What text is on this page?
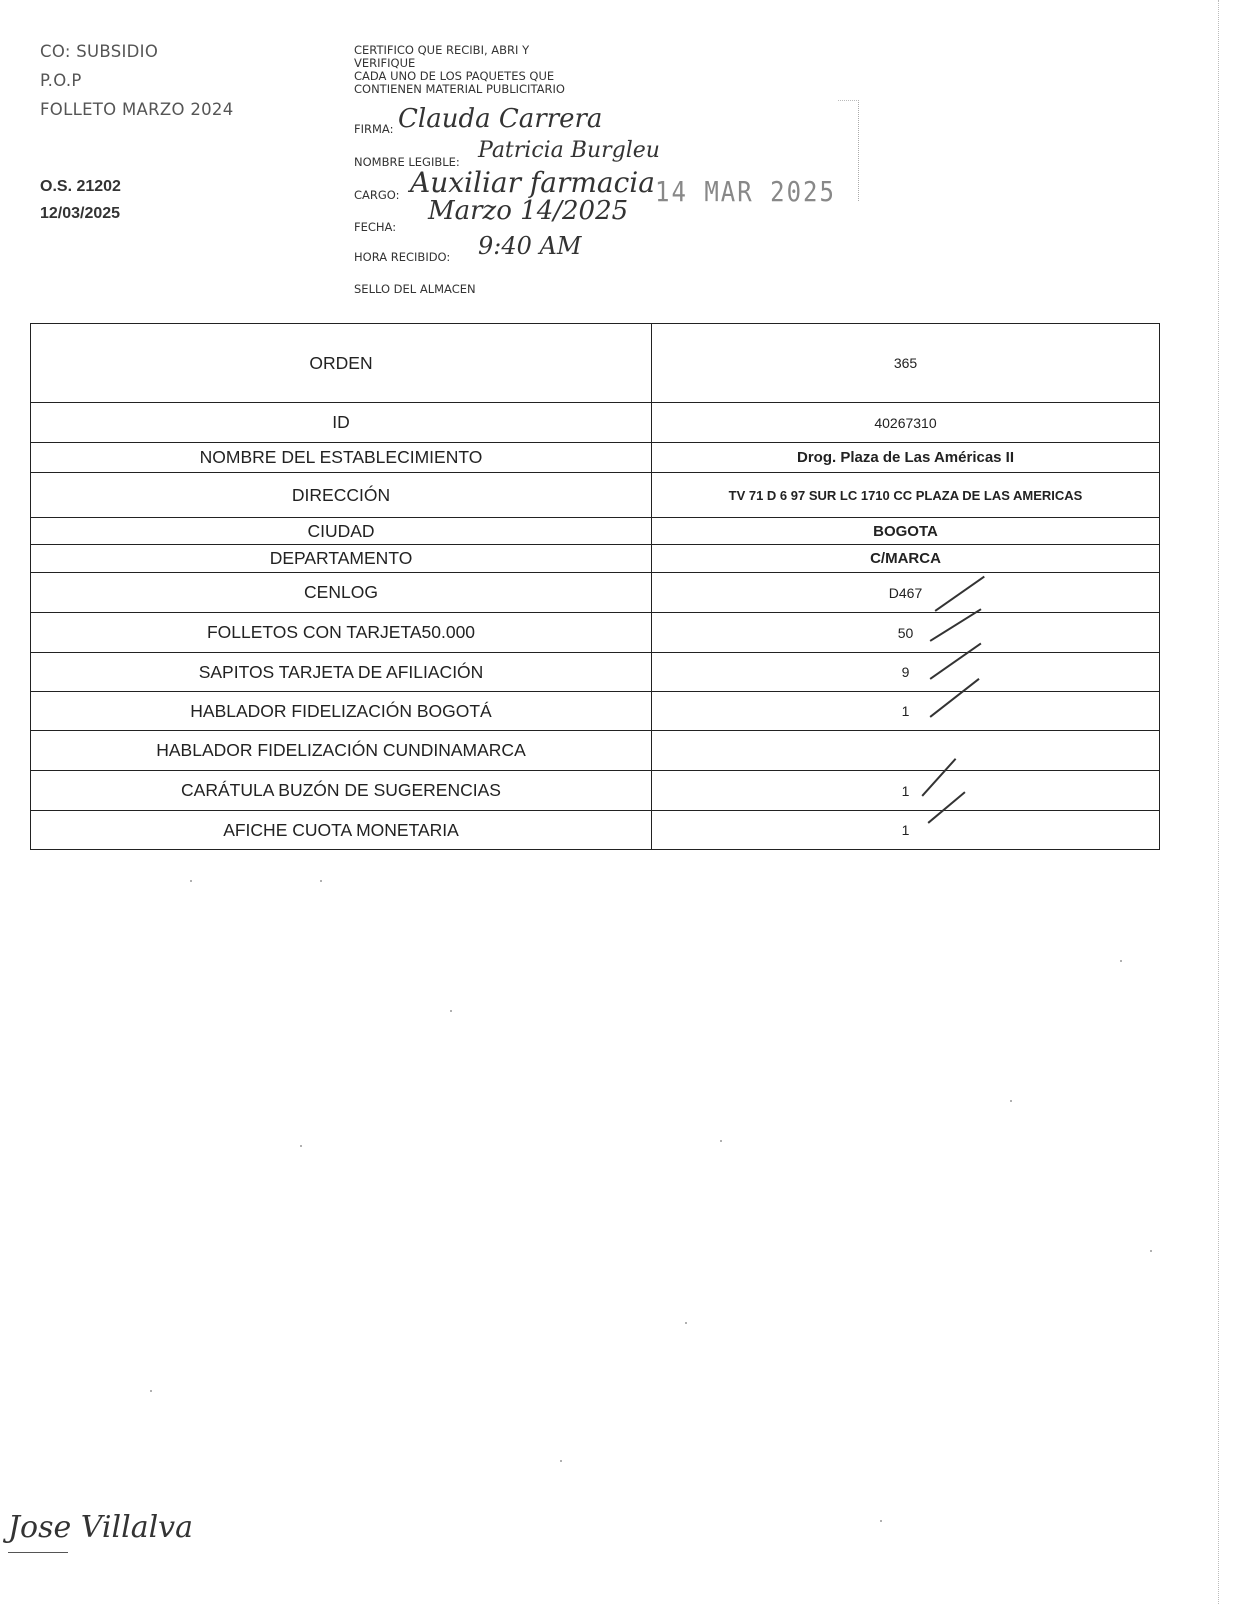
CO: SUBSIDIO
P.O.P
FOLLETO MARZO 2024
O.S. 21202
12/03/2025
CERTIFICO QUE RECIBI, ABRI Y
VERIFIQUE
CADA UNO DE LOS PAQUETES QUE
CONTIENEN MATERIAL PUBLICITARIO
FIRMA: Clauda Carrera
NOMBRE LEGIBLE: Patricia Burgleu
CARGO: Auxiliar farmacia
FECHA:
Marzo 14/2025
HORA RECIBIDO: 9:40 AM
SELLO DEL ALMACEN
14 MAR 2025
ORDEN	365
ID	40267310
NOMBRE DEL ESTABLECIMIENTO	Drog. Plaza de Las Américas II
DIRECCIÓN	TV 71 D 6 97 SUR LC 1710 CC PLAZA DE LAS AMERICAS
CIUDAD	BOGOTA
DEPARTAMENTO	C/MARCA
CENLOG	D467
FOLLETOS CON TARJETA50.000	50
SAPITOS TARJETA DE AFILIACIÓN	9
HABLADOR FIDELIZACIÓN BOGOTÁ	1
HABLADOR FIDELIZACIÓN CUNDINAMARCA	
CARÁTULA BUZÓN DE SUGERENCIAS	1
AFICHE CUOTA MONETARIA	1
Jose Villalva
